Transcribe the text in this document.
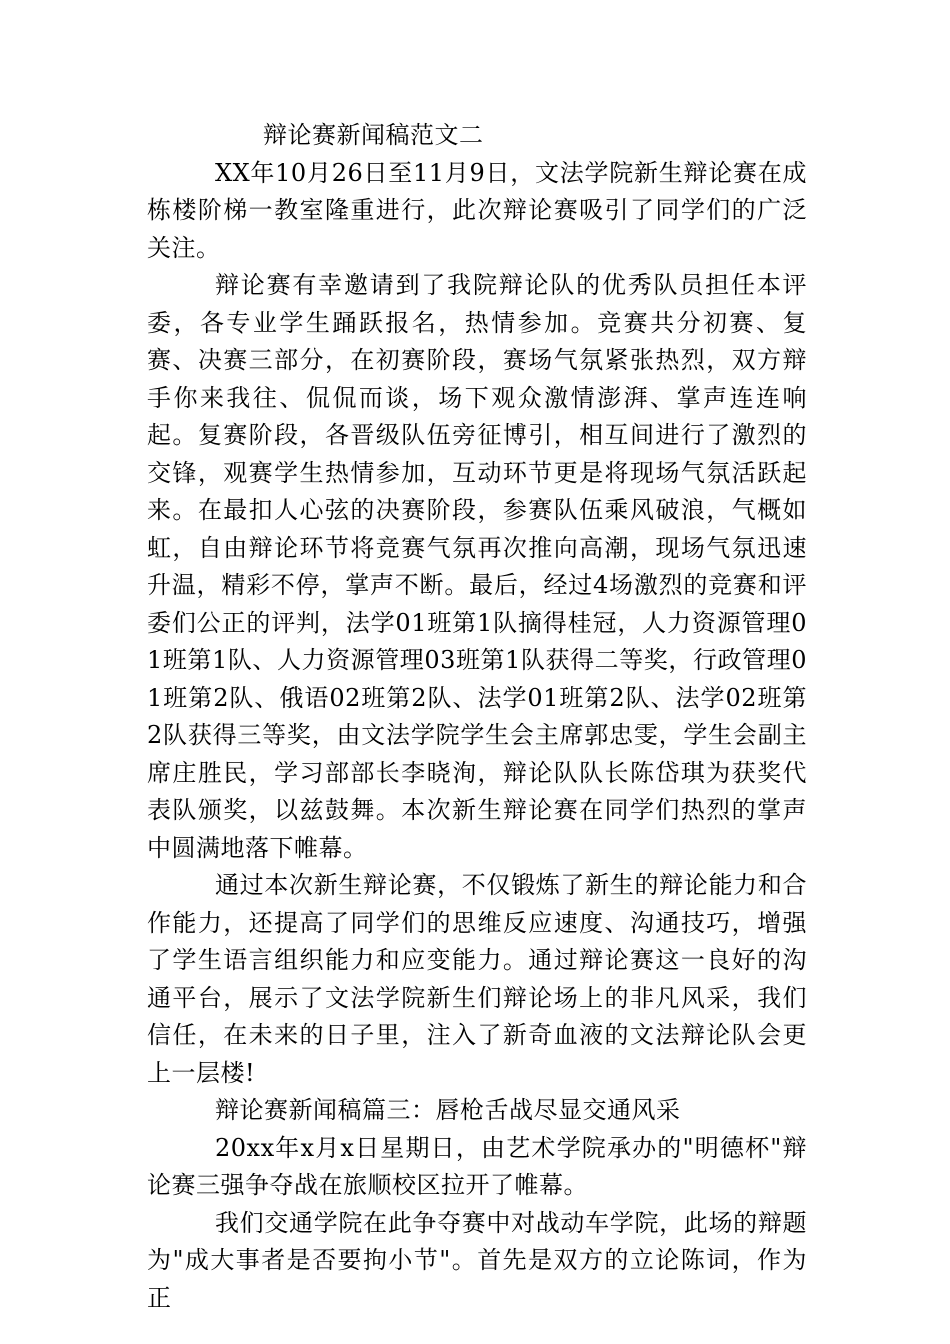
辩论赛新闻稿范文二

XX年10月26日至11月9日，文法学院新生辩论赛在成栋楼阶梯一教室隆重进行，此次辩论赛吸引了同学们的广泛关注。

辩论赛有幸邀请到了我院辩论队的优秀队员担任本评委，各专业学生踊跃报名，热情参加。竞赛共分初赛、复赛、决赛三部分，在初赛阶段，赛场气氛紧张热烈，双方辩手你来我往、侃侃而谈，场下观众激情澎湃、掌声连连响起。复赛阶段，各晋级队伍旁征博引，相互间进行了激烈的交锋，观赛学生热情参加，互动环节更是将现场气氛活跃起来。在最扣人心弦的决赛阶段，参赛队伍乘风破浪，气概如虹，自由辩论环节将竞赛气氛再次推向高潮，现场气氛迅速升温，精彩不停，掌声不断。最后，经过4场激烈的竞赛和评委们公正的评判，法学01班第1队摘得桂冠，人力资源管理01班第1队、人力资源管理03班第1队获得二等奖，行政管理01班第2队、俄语02班第2队、法学01班第2队、法学02班第2队获得三等奖，由文法学院学生会主席郭忠雯，学生会副主席庄胜民，学习部部长李晓洵，辩论队队长陈岱琪为获奖代表队颁奖，以兹鼓舞。本次新生辩论赛在同学们热烈的掌声中圆满地落下帷幕。

通过本次新生辩论赛，不仅锻炼了新生的辩论能力和合作能力，还提高了同学们的思维反应速度、沟通技巧，增强了学生语言组织能力和应变能力。通过辩论赛这一良好的沟通平台，展示了文法学院新生们辩论场上的非凡风采，我们信任，在未来的日子里，注入了新奇血液的文法辩论队会更上一层楼!

辩论赛新闻稿篇三：唇枪舌战尽显交通风采

20xx年x月x日星期日，由艺术学院承办的"明德杯"辩论赛三强争夺战在旅顺校区拉开了帷幕。

我们交通学院在此争夺赛中对战动车学院，此场的辩题为"成大事者是否要拘小节"。首先是双方的立论陈词，作为正
